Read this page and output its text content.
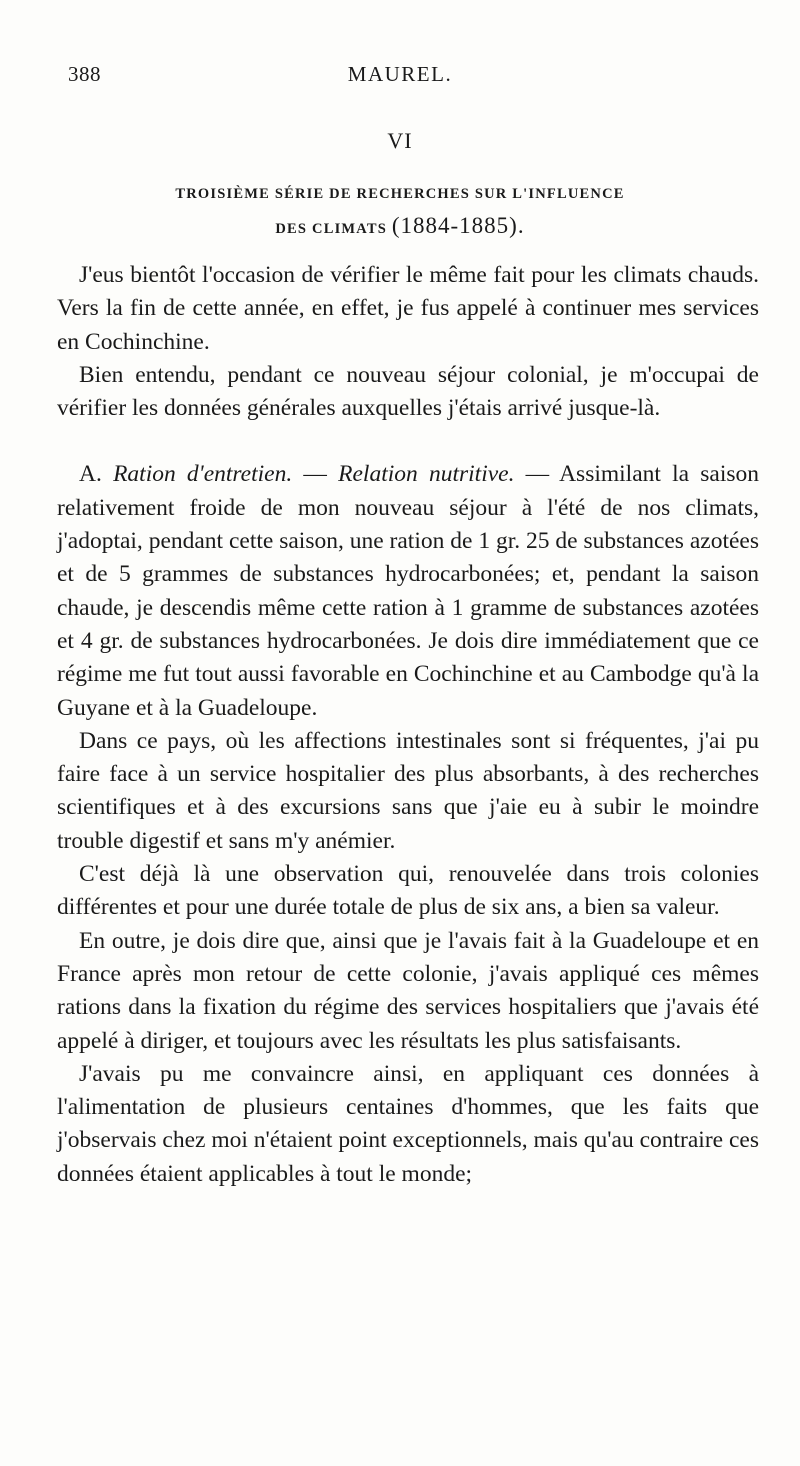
388	MAUREL.
VI
TROISIÈME SÉRIE DE RECHERCHES SUR L'INFLUENCE
DES CLIMATS (1884-1885).

J'eus bientôt l'occasion de vérifier le même fait pour les climats chauds. Vers la fin de cette année, en effet, je fus appelé à continuer mes services en Cochinchine.

Bien entendu, pendant ce nouveau séjour colonial, je m'occupai de vérifier les données générales auxquelles j'étais arrivé jusque-là.

A. Ration d'entretien. — Relation nutritive. — Assimilant la saison relativement froide de mon nouveau séjour à l'été de nos climats, j'adoptai, pendant cette saison, une ration de 1 gr. 25 de substances azotées et de 5 grammes de substances hydrocarbonées; et, pendant la saison chaude, je descendis même cette ration à 1 gramme de substances azotées et 4 gr. de substances hydrocarbonées. Je dois dire immédiatement que ce régime me fut tout aussi favorable en Cochinchine et au Cambodge qu'à la Guyane et à la Guadeloupe.

Dans ce pays, où les affections intestinales sont si fréquentes, j'ai pu faire face à un service hospitalier des plus absorbants, à des recherches scientifiques et à des excursions sans que j'aie eu à subir le moindre trouble digestif et sans m'y anémier.

C'est déjà là une observation qui, renouvelée dans trois colonies différentes et pour une durée totale de plus de six ans, a bien sa valeur.

En outre, je dois dire que, ainsi que je l'avais fait à la Guadeloupe et en France après mon retour de cette colonie, j'avais appliqué ces mêmes rations dans la fixation du régime des services hospitaliers que j'avais été appelé à diriger, et toujours avec les résultats les plus satisfaisants.

J'avais pu me convaincre ainsi, en appliquant ces données à l'alimentation de plusieurs centaines d'hommes, que les faits que j'observais chez moi n'étaient point exceptionnels, mais qu'au contraire ces données étaient applicables à tout le monde;
